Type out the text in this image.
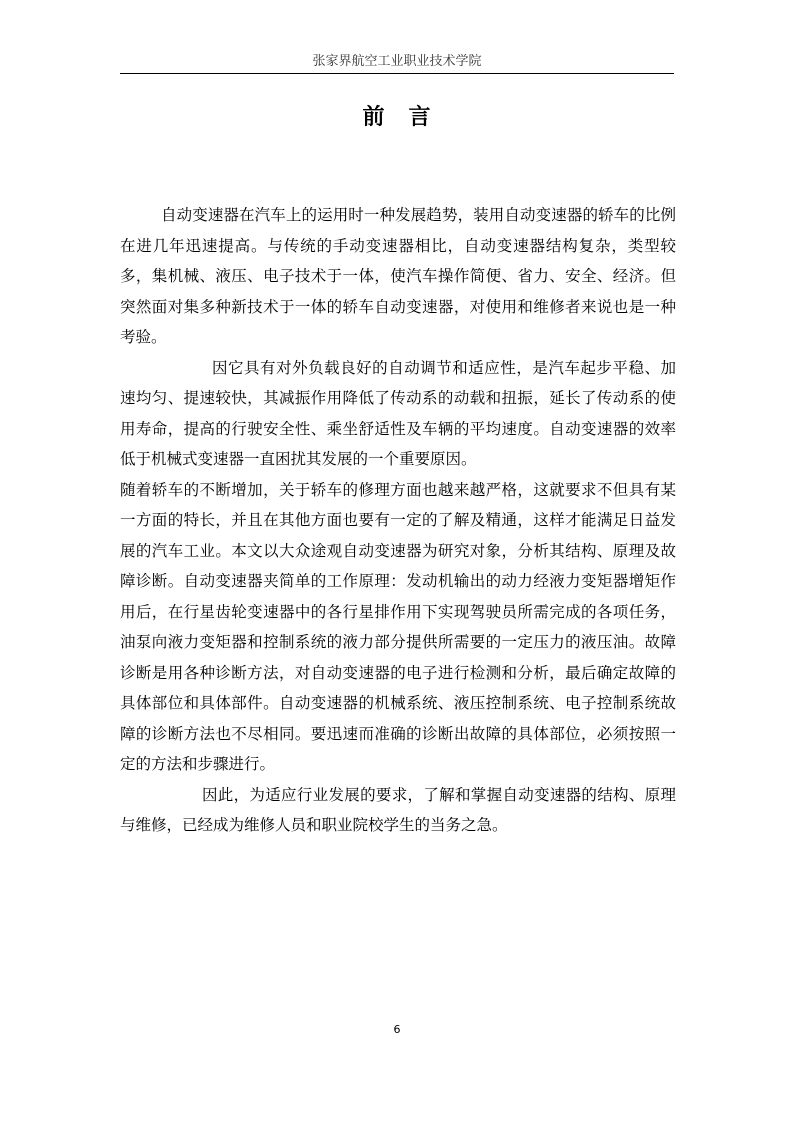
张家界航空工业职业技术学院
前　言

自动变速器在汽车上的运用时一种发展趋势，装用自动变速器的轿车的比例在进几年迅速提高。与传统的手动变速器相比，自动变速器结构复杂，类型较多，集机械、液压、电子技术于一体，使汽车操作简便、省力、安全、经济。但突然面对集多种新技术于一体的轿车自动变速器，对使用和维修者来说也是一种考验。

因它具有对外负载良好的自动调节和适应性，是汽车起步平稳、加速均匀、提速较快，其减振作用降低了传动系的动载和扭振，延长了传动系的使用寿命，提高的行驶安全性、乘坐舒适性及车辆的平均速度。自动变速器的效率低于机械式变速器一直困扰其发展的一个重要原因。

随着轿车的不断增加，关于轿车的修理方面也越来越严格，这就要求不但具有某一方面的特长，并且在其他方面也要有一定的了解及精通，这样才能满足日益发展的汽车工业。本文以大众途观自动变速器为研究对象，分析其结构、原理及故障诊断。自动变速器夹简单的工作原理：发动机输出的动力经液力变矩器增矩作用后，在行星齿轮变速器中的各行星排作用下实现驾驶员所需完成的各项任务，油泵向液力变矩器和控制系统的液力部分提供所需要的一定压力的液压油。故障诊断是用各种诊断方法，对自动变速器的电子进行检测和分析，最后确定故障的具体部位和具体部件。自动变速器的机械系统、液压控制系统、电子控制系统故障的诊断方法也不尽相同。要迅速而准确的诊断出故障的具体部位，必须按照一定的方法和步骤进行。

因此，为适应行业发展的要求，了解和掌握自动变速器的结构、原理与维修，已经成为维修人员和职业院校学生的当务之急。

6
